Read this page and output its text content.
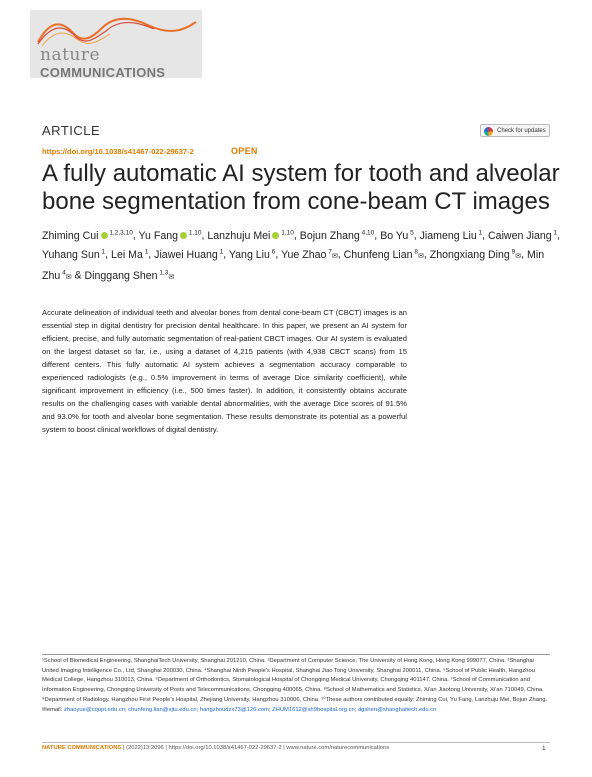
nature
COMMUNICATIONS
ARTICLE	Check for updates
https://doi.org/10.1038/s41467-022-29637-2	OPEN
A fully automatic AI system for tooth and alveolar bone segmentation from cone-beam CT images
Zhiming Cui $^{1,2,3,10}$, Yu Fang $^{1,10}$, Lanzhuju Mei $^{1,10}$, Bojun Zhang $^{4,10}$, Bo Yu $^5$, Jiameng Liu $^1$, Caiwen Jiang $^1$, Yuhang Sun $^1$, Lei Ma $^1$, Jiawei Huang $^1$, Yang Liu $^6$, Yue Zhao $^7$✉, Chunfeng Lian $^8$✉, Zhongxiang Ding $^9$✉, Min Zhu $^4$✉ & Dinggang Shen $^{1,3}$✉

Accurate delineation of individual teeth and alveolar bones from dental cone-beam CT (CBCT) images is an essential step in digital dentistry for precision dental healthcare. In this paper, we present an AI system for efficient, precise, and fully automatic segmentation of real-patient CBCT images. Our AI system is evaluated on the largest dataset so far, i.e., using a dataset of 4,215 patients (with 4,938 CBCT scans) from 15 different centers. This fully automatic AI system achieves a segmentation accuracy comparable to experienced radiologists (e.g., 0.5% improvement in terms of average Dice similarity coefficient), while significant improvement in efficiency (i.e., 500 times faster). In addition, it consistently obtains accurate results on the challenging cases with variable dental abnormalities, with the average Dice scores of 91.5% and 93.0% for tooth and alveolar bone segmentation. These results demonstrate its potential as a powerful system to boost clinical workflows of digital dentistry.

¹School of Biomedical Engineering, ShanghaiTech University, Shanghai 201210, China. ²Department of Computer Science, The University of Hong Kong, Hong Kong 999077, China. ³Shanghai United Imaging Intelligence Co., Ltd, Shanghai 200030, China. ⁴Shanghai Ninth People's Hospital, Shanghai Jiao Tong University, Shanghai 200011, China. ⁵School of Public Health, Hangzhou Medical College, Hangzhou 310013, China. ⁶Department of Orthodontics, Stomatological Hospital of Chongqing Medical University, Chongqing 401147, China. ⁷School of Communication and Information Engineering, Chongqing University of Posts and Telecommunications, Chongqing 400065, China. ⁸School of Mathematics and Statistics, Xi'an Jiaotong University, Xi'an 710049, China. ⁹Department of Radiology, Hangzhou First People's Hospital, Zhejiang University, Hangzhou 310006, China. ¹⁰These authors contributed equally: Zhiming Cui, Yu Fang, Lanzhuju Mei, Bojun Zhang. ✉email: zhaoyue@cqupt.edu.cn; chunfeng.lian@xjtu.edu.cn; hangzhoudzx73@126.com; ZHUM1612@sh9hospital.org.cn; dgshen@shanghaitech.edu.cn
NATURE COMMUNICATIONS | (2022)13:2096 | https://doi.org/10.1038/s41467-022-29637-2 | www.nature.com/naturecommunications	1
